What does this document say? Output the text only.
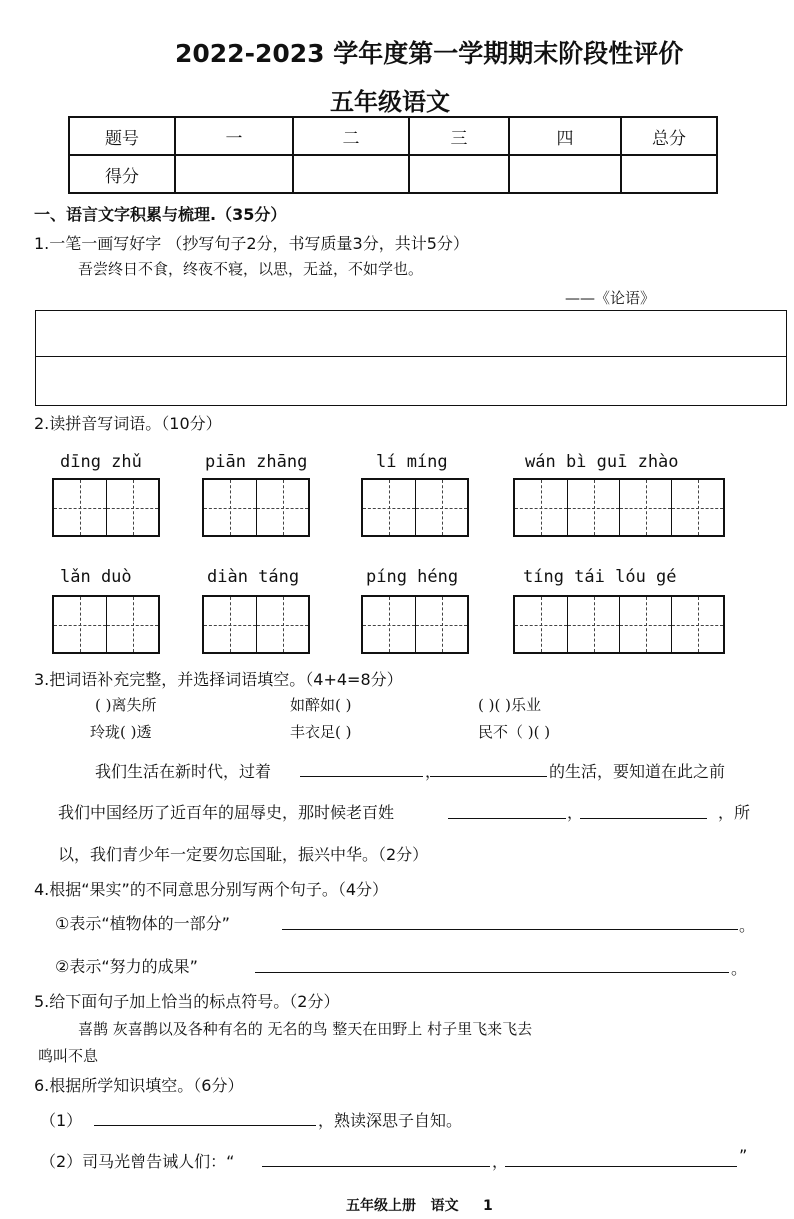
2022-2023 学年度第一学期期末阶段性评价
五年级语文
题号	一	二	三	四	总分
得分					
一、语言文字积累与梳理.（35分）
1.一笔一画写好字 （抄写句子2分，书写质量3分，共计5分）
吾尝终日不食，终夜不寝，以思，无益，不如学也。
——《论语》
2.读拼音写词语。（10分）
dīng zhǔ	piān zhāng	lí míng	wán bì guī zhào
lǎn duò	diàn táng	píng héng	tíng tái lóu gé
3.把词语补充完整，并选择词语填空。（4+4=8分）
( )离失所	如醉如( )	( )( )乐业
玲珑( )透	丰衣足( )	民不（ )( )
我们生活在新时代，过着	，	的生活，要知道在此之前
我们中国经历了近百年的屈辱史，那时候老百姓	，	，所
以，我们青少年一定要勿忘国耻，振兴中华。（2分）
4.根据“果实”的不同意思分别写两个句子。（4分）
①表示“植物体的一部分”	。
②表示“努力的成果”	。
5.给下面句子加上恰当的标点符号。（2分）
喜鹊 灰喜鹊以及各种有名的 无名的鸟 整天在田野上 村子里飞来飞去
鸣叫不息
6.根据所学知识填空。（6分）
（1）	，熟读深思子自知。
（2）司马光曾告诫人们：“	，	”
五年级上册   语文     1
